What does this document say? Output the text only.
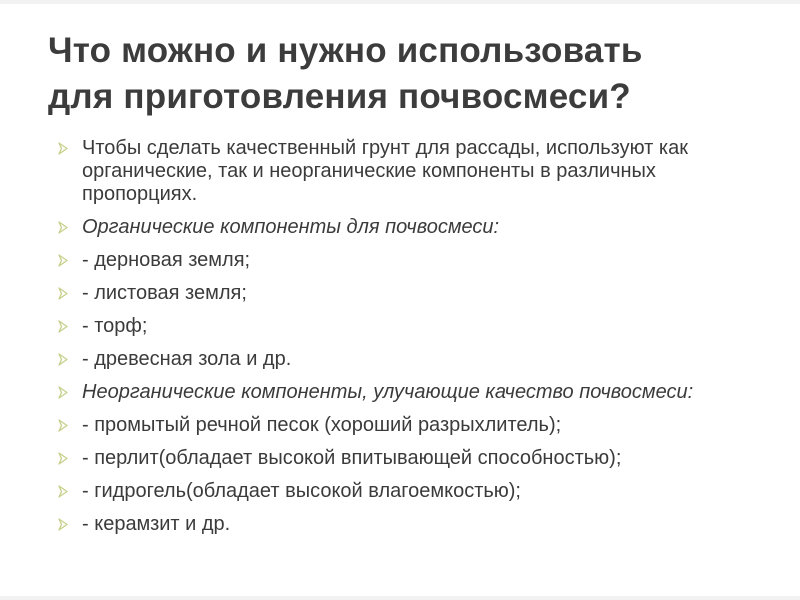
Что можно и нужно использовать
для приготовления почвосмеси?
Чтобы сделать качественный грунт для рассады, используют как органические, так и неорганические компоненты в различных пропорциях.
Органические компоненты для почвосмеси:
- дерновая земля;
- листовая земля;
- торф;
- древесная зола и др.
Неорганические компоненты, улучающие качество почвосмеси:
- промытый речной песок (хороший разрыхлитель);
- перлит(обладает высокой впитывающей способностью);
- гидрогель(обладает высокой влагоемкостью);
- керамзит и др.
